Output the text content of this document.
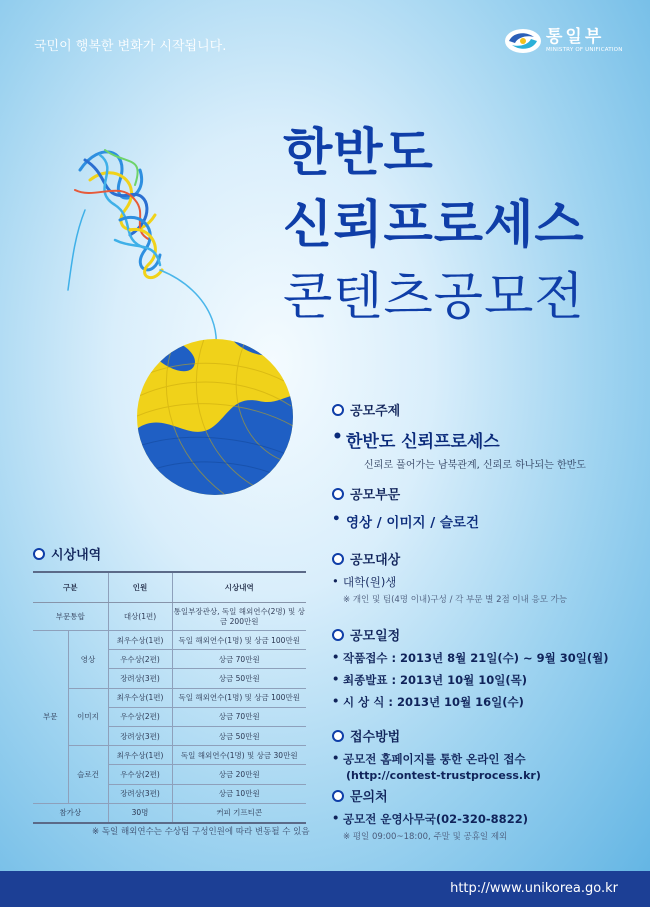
국민이 행복한 변화가 시작됩니다.	통일부
MINISTRY OF UNIFICATION
한반도
신뢰프로세스
콘텐츠공모전
공모주제
• 한반도 신뢰프로세스
신뢰로 풀어가는 남북관계, 신뢰로 하나되는 한반도
공모부문
• 영상 / 이미지 / 슬로건
공모대상
• 대학(원)생
※ 개인 및 팀(4명 이내)구성 / 각 부문 별 2점 이내 응모 가능
공모일정
• 작품접수 : 2013년 8월 21일(수) ~ 9월 30일(월)
• 최종발표 : 2013년 10월 10일(목)
• 시 상 식 : 2013년 10월 16일(수)
접수방법
• 공모전 홈페이지를 통한 온라인 접수
(http://contest-trustprocess.kr)
문의처
• 공모전 운영사무국(02-320-8822)
※ 평일 09:00~18:00, 주말 및 공휴일 제외
시상내역
구분		인원	시상내역
부문통합		대상(1편)	통일부장관상, 독일 해외연수(2명) 및 상금 200만원
부문	영상	최우수상(1편)	독일 해외연수(1명) 및 상금 100만원
		우수상(2편)	상금 70만원
		장려상(3편)	상금 50만원
	이미지	최우수상(1편)	독일 해외연수(1명) 및 상금 100만원
		우수상(2편)	상금 70만원
		장려상(3편)	상금 50만원
	슬로건	최우수상(1편)	독일 해외연수(1명) 및 상금 30만원
		우수상(2편)	상금 20만원
		장려상(3편)	상금 10만원
참가상		30명	커피 기프티콘
※ 독일 해외연수는 수상팀 구성인원에 따라 변동될 수 있음
http://www.unikorea.go.kr
